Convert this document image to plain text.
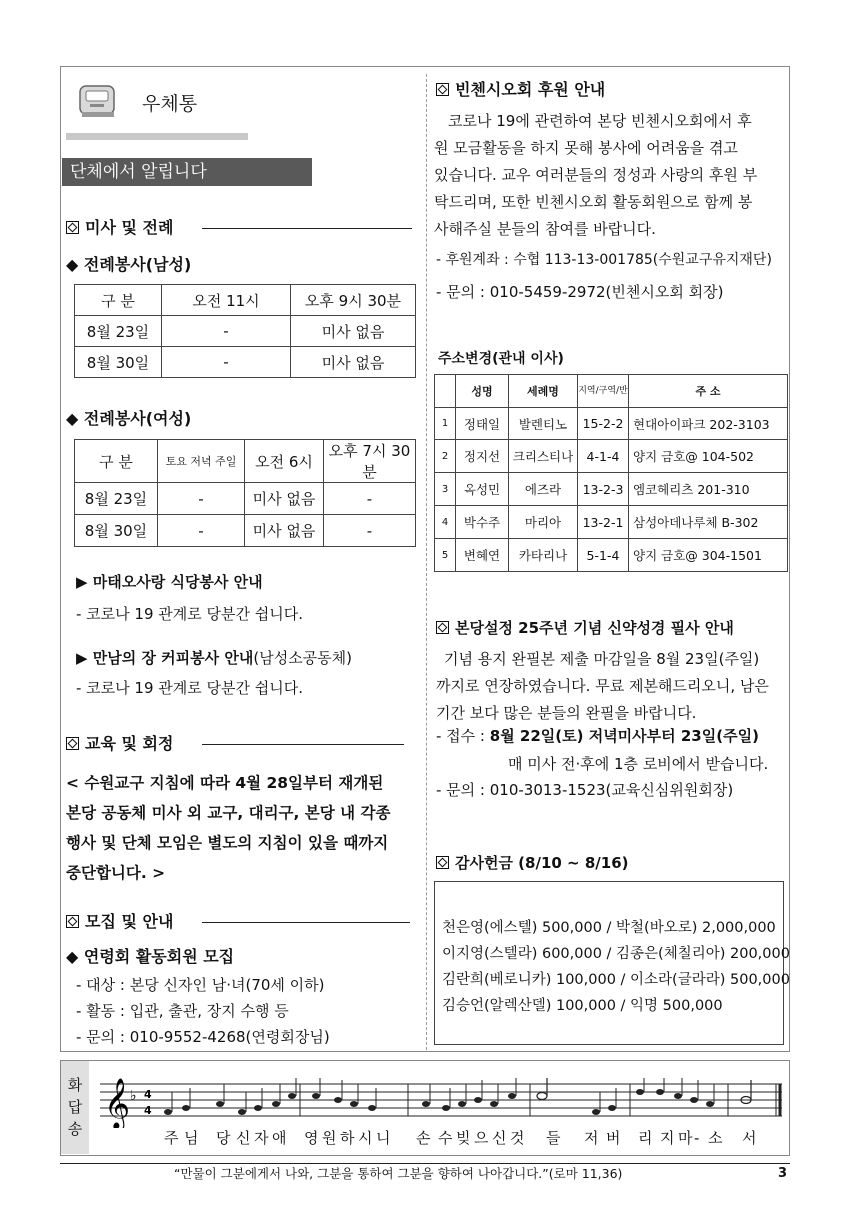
우체통
단체에서 알립니다
미사 및 전례
◆ 전례봉사(남성)
구 분	오전 11시	오후 9시 30분
8월 23일	-	미사 없음
8월 30일	-	미사 없음
◆ 전례봉사(여성)
구 분	토요 저녁 주일	오전 6시	오후 7시 30분
8월 23일	-	미사 없음	-
8월 30일	-	미사 없음	-
▶ 마태오사랑 식당봉사 안내
- 코로나 19 관계로 당분간 쉽니다.
▶ 만남의 장 커피봉사 안내(남성소공동체)
- 코로나 19 관계로 당분간 쉽니다.
교육 및 회정
< 수원교구 지침에 따라 4월 28일부터 재개된
본당 공동체 미사 외 교구, 대리구, 본당 내 각종
행사 및 단체 모임은 별도의 지침이 있을 때까지
중단합니다. >
모집 및 안내
◆ 연령회 활동회원 모집
- 대상 : 본당 신자인 남·녀(70세 이하)
- 활동 : 입관, 출관, 장지 수행 등
- 문의 : 010-9552-4268(연령회장님)
빈첸시오회 후원 안내
코로나 19에 관련하여 본당 빈첸시오회에서 후
원 모금활동을 하지 못해 봉사에 어려움을 겪고
있습니다. 교우 여러분들의 정성과 사랑의 후원 부
탁드리며, 또한 빈첸시오회 활동회원으로 함께 봉
사해주실 분들의 참여를 바랍니다.
- 후원계좌 : 수협 113-13-001785(수원교구유지재단)
- 문의 : 010-5459-2972(빈첸시오회 회장)
주소변경(관내 이사)
	성명	세례명	지역/구역/반	주 소
1	정태일	발렌티노	15-2-2	현대아이파크 202-3103
2	정지선	크리스티나	4-1-4	양지 금호@ 104-502
3	옥성민	에즈라	13-2-3	엠코헤리츠 201-310
4	박수주	마리아	13-2-1	삼성아데나루체 B-302
5	변혜연	카타리나	5-1-4	양지 금호@ 304-1501
본당설정 25주년 기념 신약성경 필사 안내
기념 용지 완필본 제출 마감일을 8월 23일(주일)
까지로 연장하였습니다. 무료 제본해드리오니, 남은
기간 보다 많은 분들의 완필을 바랍니다.
- 접수 : 8월 22일(토) 저녁미사부터 23일(주일)
매 미사 전·후에 1층 로비에서 받습니다.
- 문의 : 010-3013-1523(교육신심위원회장)
감사헌금 (8/10 ~ 8/16)
천은영(에스텔) 500,000 / 박철(바오로) 2,000,000
이지영(스텔라) 600,000 / 김종은(체칠리아) 200,000
김란희(베로니카) 100,000 / 이소라(글라라) 500,000
김승언(알렉산델) 100,000 / 익명 500,000
화답송 𝄞 ♭ 4
4
주 님 당 신 자 애 영 원 하 시 니 손 수 빚 으 신 것 들 저 버 리 지 마 - 소 서
“만물이 그분에게서 나와, 그분을 통하여 그분을 향하여 나아갑니다.”(로마 11,36)	3
